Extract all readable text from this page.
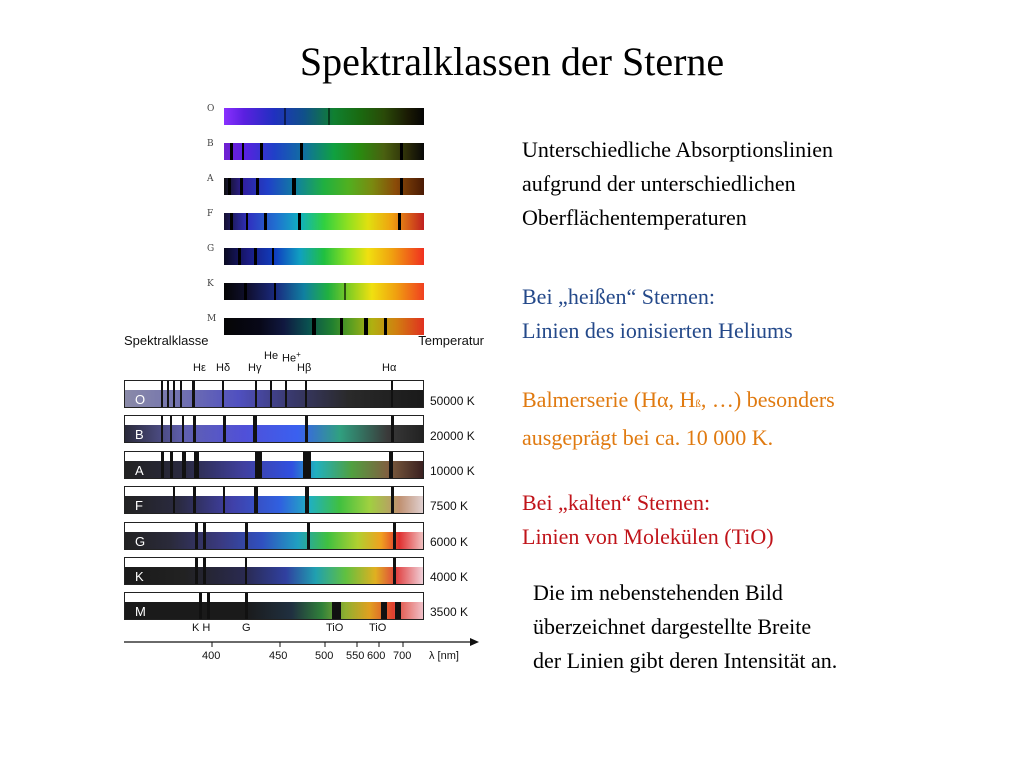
Spektralklassen der Sterne
O
B
A
F
G
K
M
Spektralklasse	Temperatur
Hε Hδ Hγ
He He+
Hβ	Hα
O	50000 K
B	20000 K
A	10000 K
F	7500 K
G	6000 K
K	4000 K
M	3500 K
K H	G	TiO TiO
400	450	500 550 600 700 λ [nm]
Unterschiedliche Absorptionslinien
aufgrund der unterschiedlichen
Oberflächentemperaturen
Bei „heißen“ Sternen:
Linien des ionisierten Heliums
Balmerserie (Hα, Hß, …) besonders
ausgeprägt bei ca. 10 000 K.
Bei „kalten“ Sternen:
Linien von Molekülen (TiO)
Die im nebenstehenden Bild
überzeichnet dargestellte Breite
der Linien gibt deren Intensität an.
